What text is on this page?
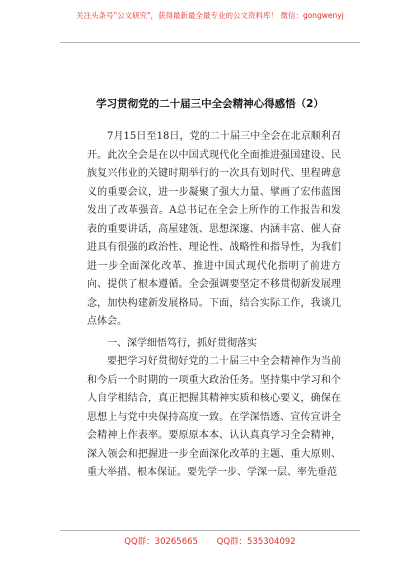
关注头条号"公文研究"，获得最新最全最专业的公文资料库！ 微信：gongwenyj
学习贯彻党的二十届三中全会精神心得感悟（2）

7月15日至18日，党的二十届三中全会在北京顺利召开。此次全会是在以中国式现代化全面推进强国建设、民族复兴伟业的关键时期举行的一次具有划时代、里程碑意义的重要会议，进一步凝聚了强大力量、擘画了宏伟蓝图发出了改革强音。A总书记在全会上所作的工作报告和发表的重要讲话，高屋建瓴、思想深邃、内涵丰富、催人奋进具有很强的政治性、理论性、战略性和指导性，为我们进一步全面深化改革、推进中国式现代化指明了前进方向、提供了根本遵循。全会强调要坚定不移贯彻新发展理念，加快构建新发展格局。下面，结合实际工作，我谈几点体会。

一、深学细悟笃行，抓好贯彻落实

要把学习好贯彻好党的二十届三中全会精神作为当前和今后一个时期的一项重大政治任务。坚持集中学习和个人自学相结合，真正把握其精神实质和核心要义，确保在思想上与党中央保持高度一致。在学深悟透、宣传宣讲全会精神上作表率。要原原本本、认认真真学习全会精神，深入领会和把握进一步全面深化改革的主题、重大原则、重大举措、根本保证。要先学一步、学深一层、率先垂范

QQ群：30265665 QQ群：535304092
